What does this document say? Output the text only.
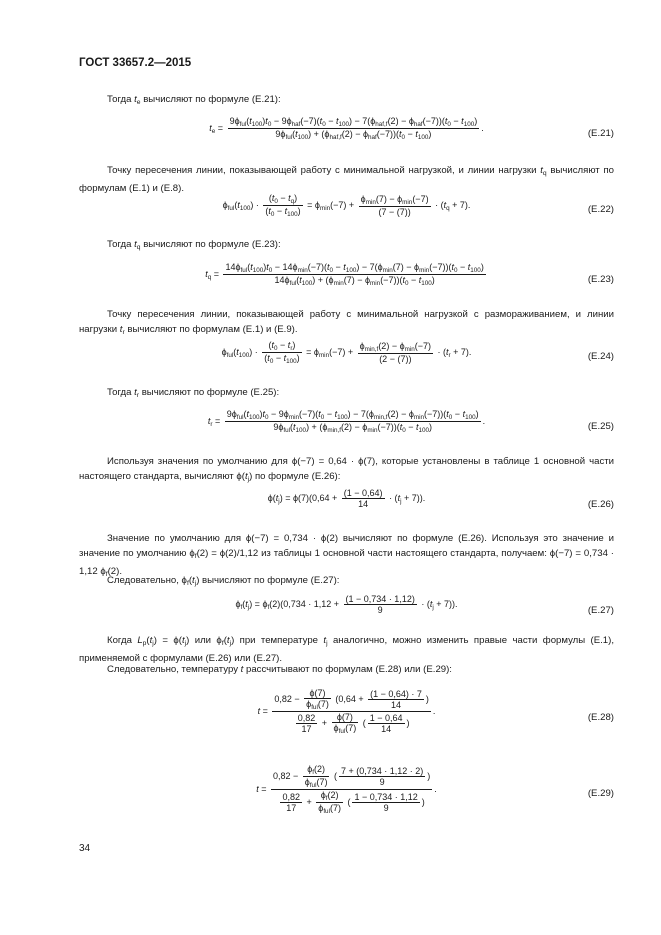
ГОСТ 33657.2—2015
Тогда $t_e$ вычисляют по формуле (Е.21):
$t_e$ =
$9\phi_{ful}(t_{100})t_0 - 9\phi_{haf}(-7)(t_0 - t_{100}) - 7(\phi_{haf,f}(2) - \phi_{haf}(-7))(t_0 - t_{100})$
$9\phi_{ful}(t_{100}) + (\phi_{haf,f}(2) - \phi_{haf}(-7))(t_0 - t_{100})$
.
(E.21)
Точку пересечения линии, показывающей работу с минимальной нагрузкой, и линии нагрузки $t_q$ вычисляют по формулам (Е.1) и (Е.8).
$\phi_{ful}(t_{100}) \cdot \frac{(t_0 - t_q)}{(t_0 - t_{100})} = \phi_{min}(-7)$ +
$\phi_{min}(7) - \phi_{min}(-7)$
(7 − (7))
· $(t_q + 7)$.	(E.22)
Тогда $t_q$ вычисляют по формуле (Е.23):
$t_q$ =
$14\phi_{ful}(t_{100})t_0 - 14\phi_{min}(-7)(t_0 - t_{100}) - 7(\phi_{min}(7) - \phi_{min}(-7))(t_0 - t_{100})$
$14\phi_{ful}(t_{100}) + (\phi_{min}(7) - \phi_{min}(-7))(t_0 - t_{100})$	(E.23)
Точку пересечения линии, показывающей работу с минимальной нагрузкой с размораживанием, и линии нагрузки $t_r$ вычисляют по формулам (Е.1) и (Е.9).
$\phi_{ful}(t_{100}) \cdot \frac{(t_0 - t_r)}{(t_0 - t_{100})} = \phi_{min}(-7)$ +
$\phi_{min,f}(2) - \phi_{min}(-7)$
(2 − (7))
· $(t_r + 7)$.	(E.24)
Тогда $t_r$ вычисляют по формуле (Е.25):
$t_r$ =
$9\phi_{ful}(t_{100})t_0 - 9\phi_{min}(-7)(t_0 - t_{100}) - 7(\phi_{min,f}(2) - \phi_{min}(-7))(t_0 - t_{100})$
$9\phi_{ful}(t_{100}) + (\phi_{min,f}(2) - \phi_{min}(-7))(t_0 - t_{100})$
.
(E.25)
Используя значения по умолчанию для ϕ(−7) = 0,64 · ϕ(7), которые установлены в таблице 1 основной части настоящего стандарта, вычисляют $\phi(t_j)$ по формуле (Е.26):
$\phi(t_j) = \phi(7)(0,64 + \frac{(1 - 0,64)}{14} \cdot (t_j + 7))$.
(E.26)
Значение по умолчанию для ϕ(−7) = 0,734 · ϕ(2) вычисляют по формуле (Е.26). Используя это значение и значение по умолчанию $\phi_f(2) = \phi(2)/1,12$ из таблицы 1 основной части настоящего стандарта, получаем: ϕ(−7) = 0,734 · 1,12 $\phi_f(2)$.
Следовательно, $\phi_f(t_j)$ вычисляют по формуле (Е.27):
$\phi_f(t_j) = \phi_f(2)(0,734 \cdot 1,12 + \frac{(1 - 0,734 \cdot 1,12)}{9} \cdot (t_j + 7))$.
(E.27)
Когда $L_p(t_j) = \phi(t_j)$ или $\phi_f(t_j)$ при температуре $t_j$ аналогично, можно изменить правые части формулы (Е.1), применяемой с формулами (Е.26) или (Е.27).
Следовательно, температуру t рассчитывают по формулам (Е.28) или (Е.29):
t =
0,82 −
ϕ(7)
$\phi_{ful}(7)$
($0,64 + \frac{(1 - 0,64) \cdot 7}{14}$ )
$\frac{0,82}{17}$ +
ϕ(7)
$\phi_{ful}(7)$
( $\frac{1 - 0,64}{14}$ )
.
(E.28)
t =
0,82 −
$\phi_f(2)$
$\phi_{ful}(7)$
( $\frac{7 + (0,734 \cdot 1,12 \cdot 2)}{9}$ )
$\frac{0,82}{17}$ +
$\phi_f(2)$
$\phi_{ful}(7)$
( $\frac{1 - 0,734 \cdot 1,12}{9}$ )
.	(E.29)
34
